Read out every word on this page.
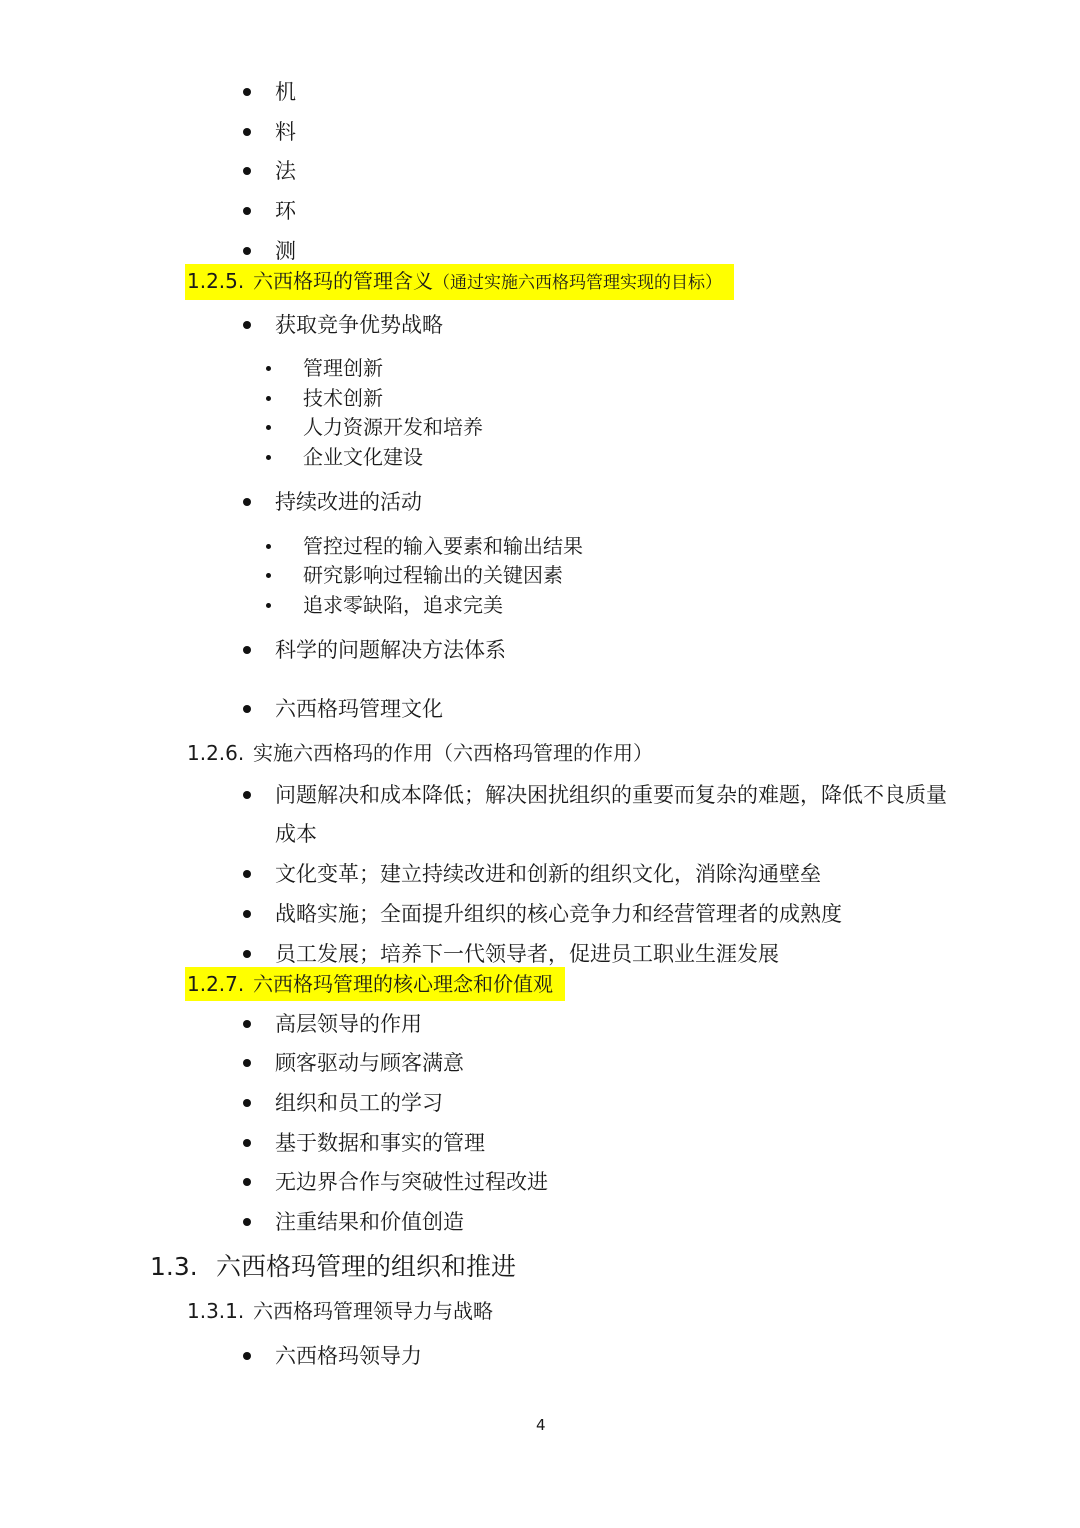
机
料
法
环
测
1.2.5. 六西格玛的管理含义（通过实施六西格玛管理实现的目标）
获取竞争优势战略
管理创新
技术创新
人力资源开发和培养
企业文化建设
持续改进的活动
管控过程的输入要素和输出结果
研究影响过程输出的关键因素
追求零缺陷，追求完美
科学的问题解决方法体系
六西格玛管理文化
1.2.6. 实施六西格玛的作用（六西格玛管理的作用）
问题解决和成本降低；解决困扰组织的重要而复杂的难题，降低不良质量
成本
文化变革；建立持续改进和创新的组织文化，消除沟通壁垒
战略实施；全面提升组织的核心竞争力和经营管理者的成熟度
员工发展；培养下一代领导者，促进员工职业生涯发展
1.2.7. 六西格玛管理的核心理念和价值观
高层领导的作用
顾客驱动与顾客满意
组织和员工的学习
基于数据和事实的管理
无边界合作与突破性过程改进
注重结果和价值创造
1.3. 六西格玛管理的组织和推进
1.3.1. 六西格玛管理领导力与战略
六西格玛领导力
4
